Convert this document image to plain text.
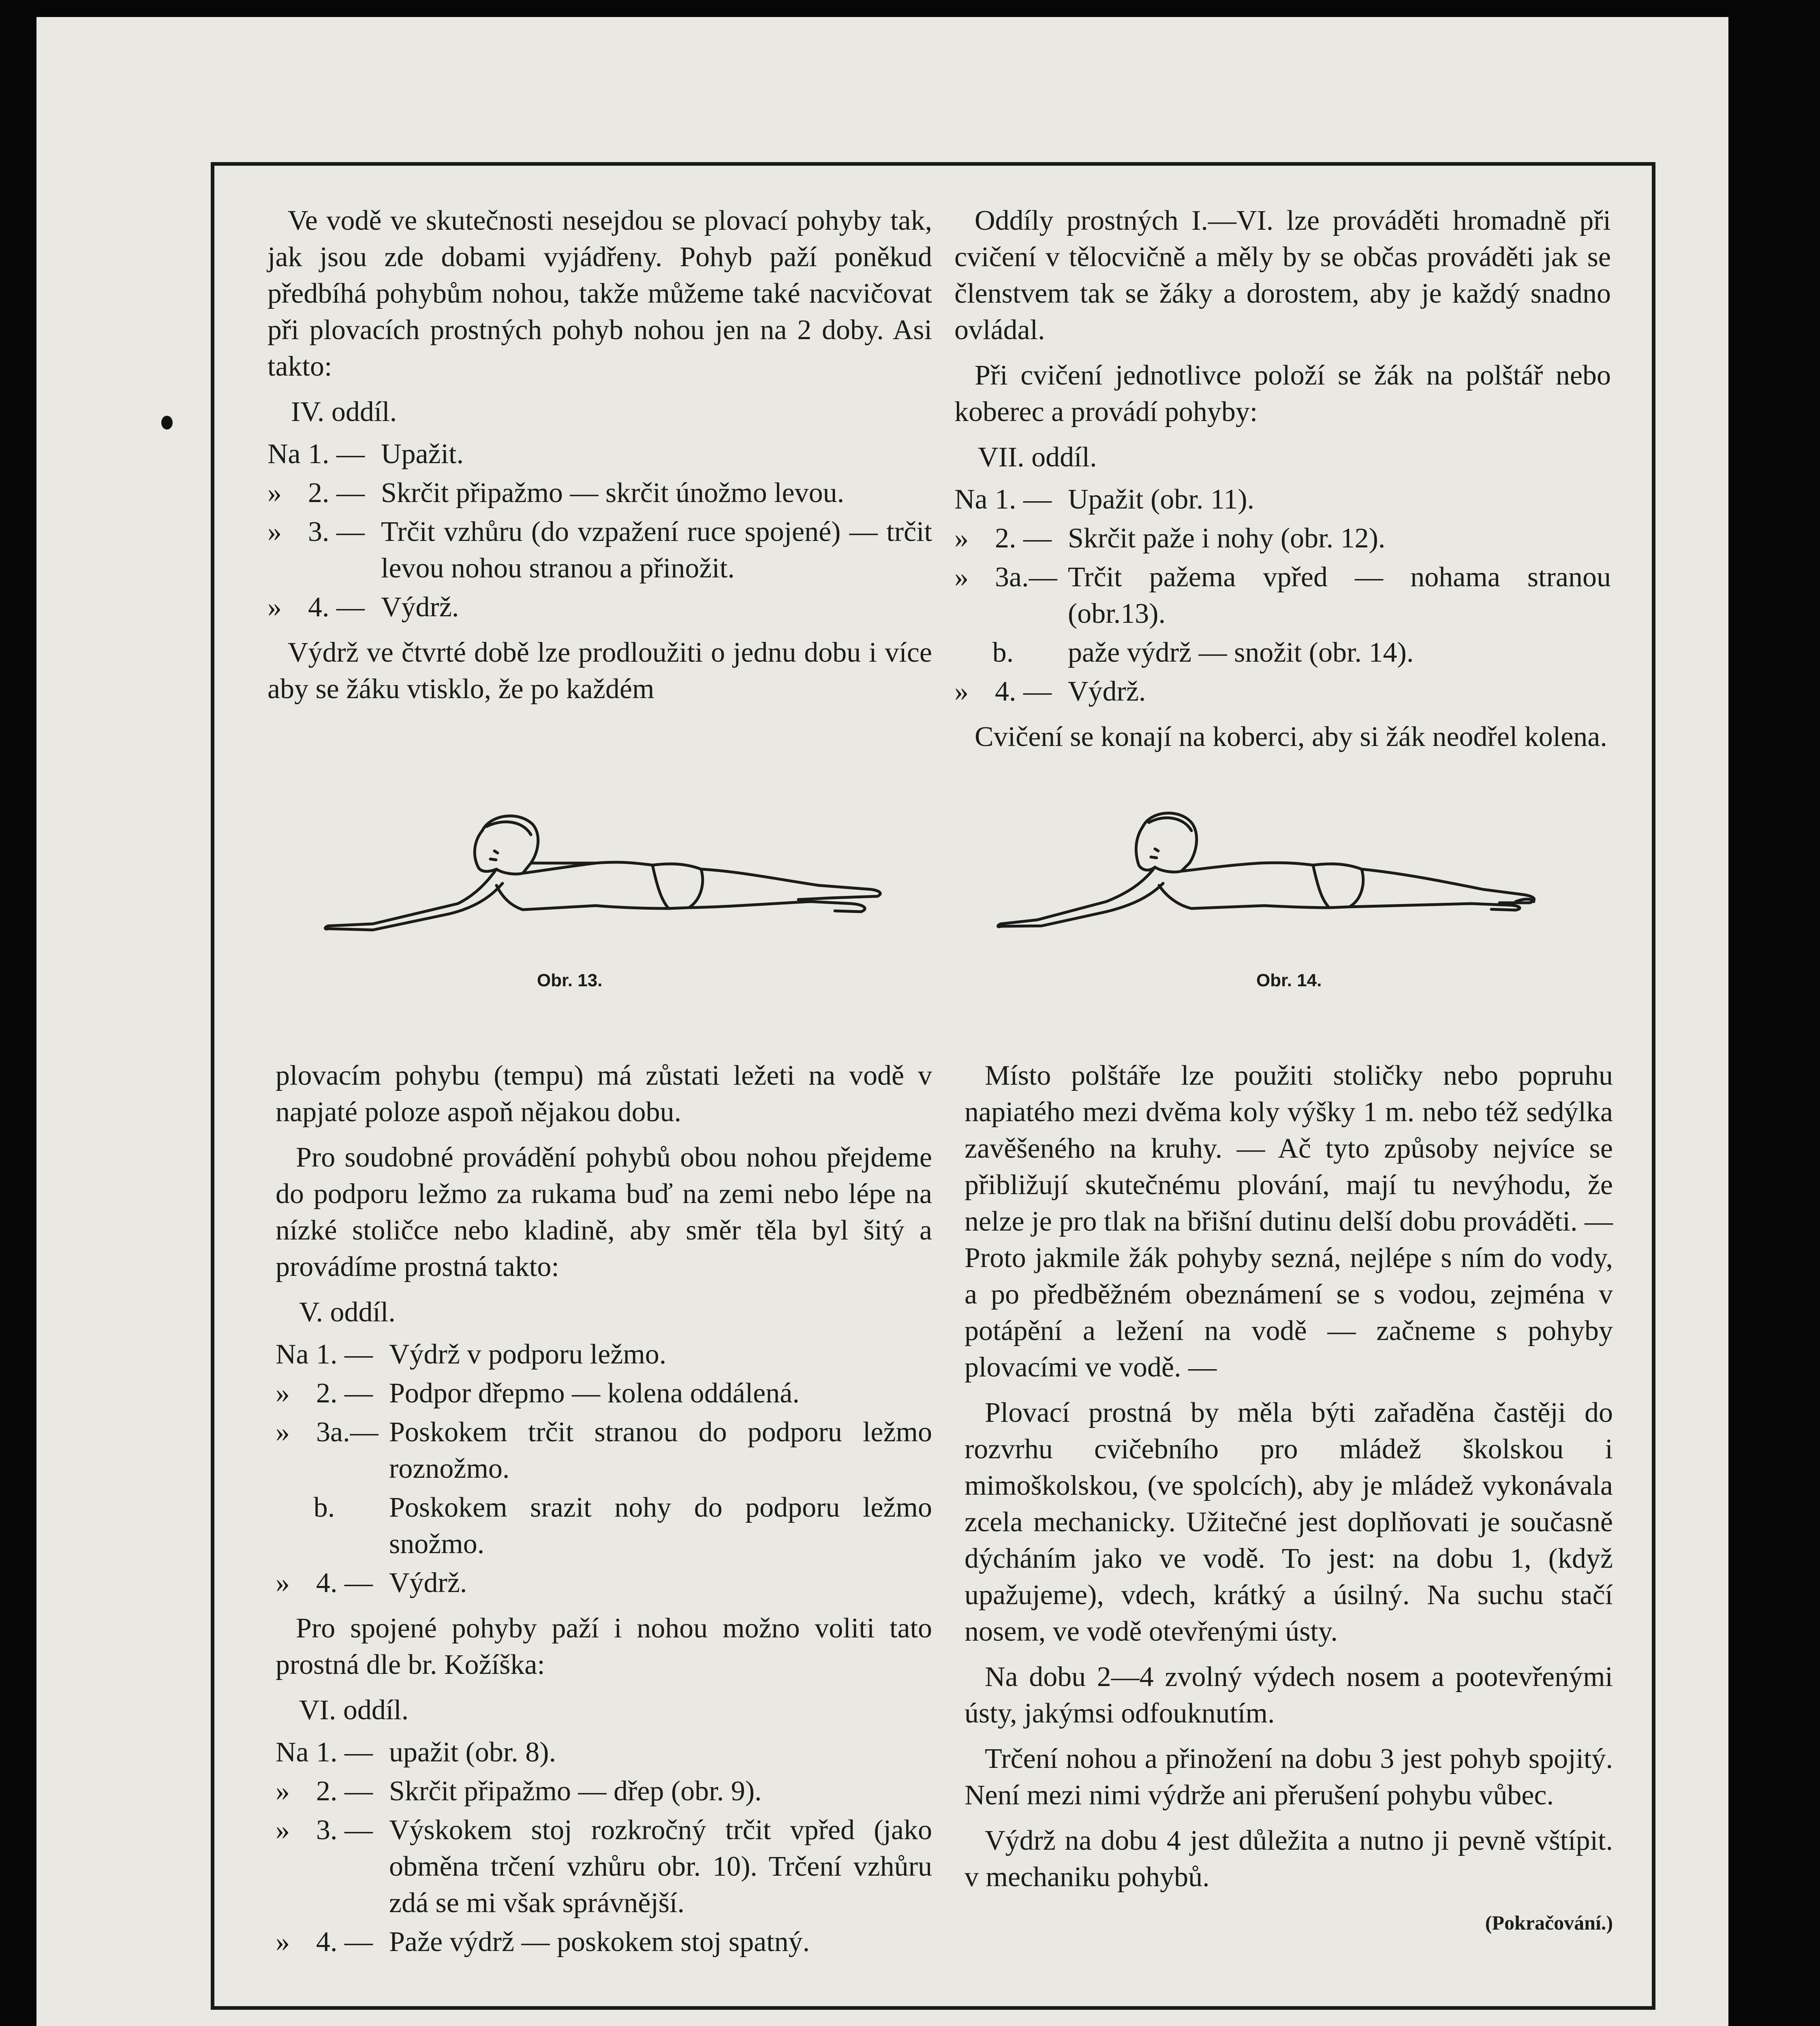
Ve vodě ve skutečnosti nesejdou se plovací pohyby tak, jak jsou zde dobami vyjádřeny. Pohyb paží poněkud předbíhá pohybům nohou, takže můžeme také nacvičovat při plovacích prostných pohyb nohou jen na 2 doby. Asi takto:

IV. oddíl.

Na 1. — Upažit.
» 2. — Skrčit připažmo — skrčit únožmo levou.
» 3. — Trčit vzhůru (do vzpažení ruce spojené) — trčit levou nohou stranou a přinožit.
» 4. — Výdrž.

Výdrž ve čtvrté době lze prodloužiti o jednu dobu i více aby se žáku vtisklo, že po každém

Oddíly prostných I.—VI. lze prováděti hromadně při cvičení v tělocvičně a měly by se občas prováděti jak se členstvem tak se žáky a dorostem, aby je každý snadno ovládal.

Při cvičení jednotlivce položí se žák na polštář nebo koberec a provádí pohyby:

VII. oddíl.

Na 1. — Upažit (obr. 11).
» 2. — Skrčit paže i nohy (obr. 12).
» 3a.— Trčit pažema vpřed — nohama stranou (obr.13).
b.	paže výdrž — snožit (obr. 14).
» 4. — Výdrž.

Cvičení se konají na koberci, aby si žák neodřel kolena.

Obr. 13.	Obr. 14.

plovacím pohybu (tempu) má zůstati ležeti na vodě v napjaté poloze aspoň nějakou dobu.

Pro soudobné provádění pohybů obou nohou přejdeme do podporu ležmo za rukama buď na zemi nebo lépe na nízké stoličce nebo kladině, aby směr těla byl šitý a provádíme prostná takto:

V. oddíl.

Na 1. — Výdrž v podporu ležmo.
» 2. — Podpor dřepmo — kolena oddálená.
» 3a.— Poskokem trčit stranou do podporu ležmo roznožmo.
b.	Poskokem srazit nohy do podporu ležmo snožmo.
» 4. — Výdrž.

Pro spojené pohyby paží i nohou možno voliti tato prostná dle br. Kožíška:

VI. oddíl.

Na 1. — upažit (obr. 8).
» 2. — Skrčit připažmo — dřep (obr. 9).
» 3. — Výskokem stoj rozkročný trčit vpřed (jako obměna trčení vzhůru obr. 10). Trčení vzhůru zdá se mi však správnější.
» 4. — Paže výdrž — poskokem stoj spatný.

Místo polštáře lze použiti stoličky nebo popruhu napiatého mezi dvěma koly výšky 1 m. nebo též sedýlka zavěšeného na kruhy. — Ač tyto způsoby nejvíce se přibližují skutečnému plování, mají tu nevýhodu, že nelze je pro tlak na břišní dutinu delší dobu prováděti. — Proto jakmile žák pohyby sezná, nejlépe s ním do vody, a po předběžném obeznámení se s vodou, zejména v potápění a ležení na vodě — začneme s pohyby plovacími ve vodě. —

Plovací prostná by měla býti zařaděna častěji do rozvrhu cvičebního pro mládež školskou i mimoškolskou, (ve spolcích), aby je mládež vykonávala zcela mechanicky. Užitečné jest doplňovati je současně dýcháním jako ve vodě. To jest: na dobu 1, (když upažujeme), vdech, krátký a úsilný. Na suchu stačí nosem, ve vodě otevřenými ústy.

Na dobu 2—4 zvolný výdech nosem a pootevřenými ústy, jakýmsi odfouknutím.

Trčení nohou a přinožení na dobu 3 jest pohyb spojitý. Není mezi nimi výdrže ani přerušení pohybu vůbec.

Výdrž na dobu 4 jest důležita a nutno ji pevně vštípit. v mechaniku pohybů.

(Pokračování.)
